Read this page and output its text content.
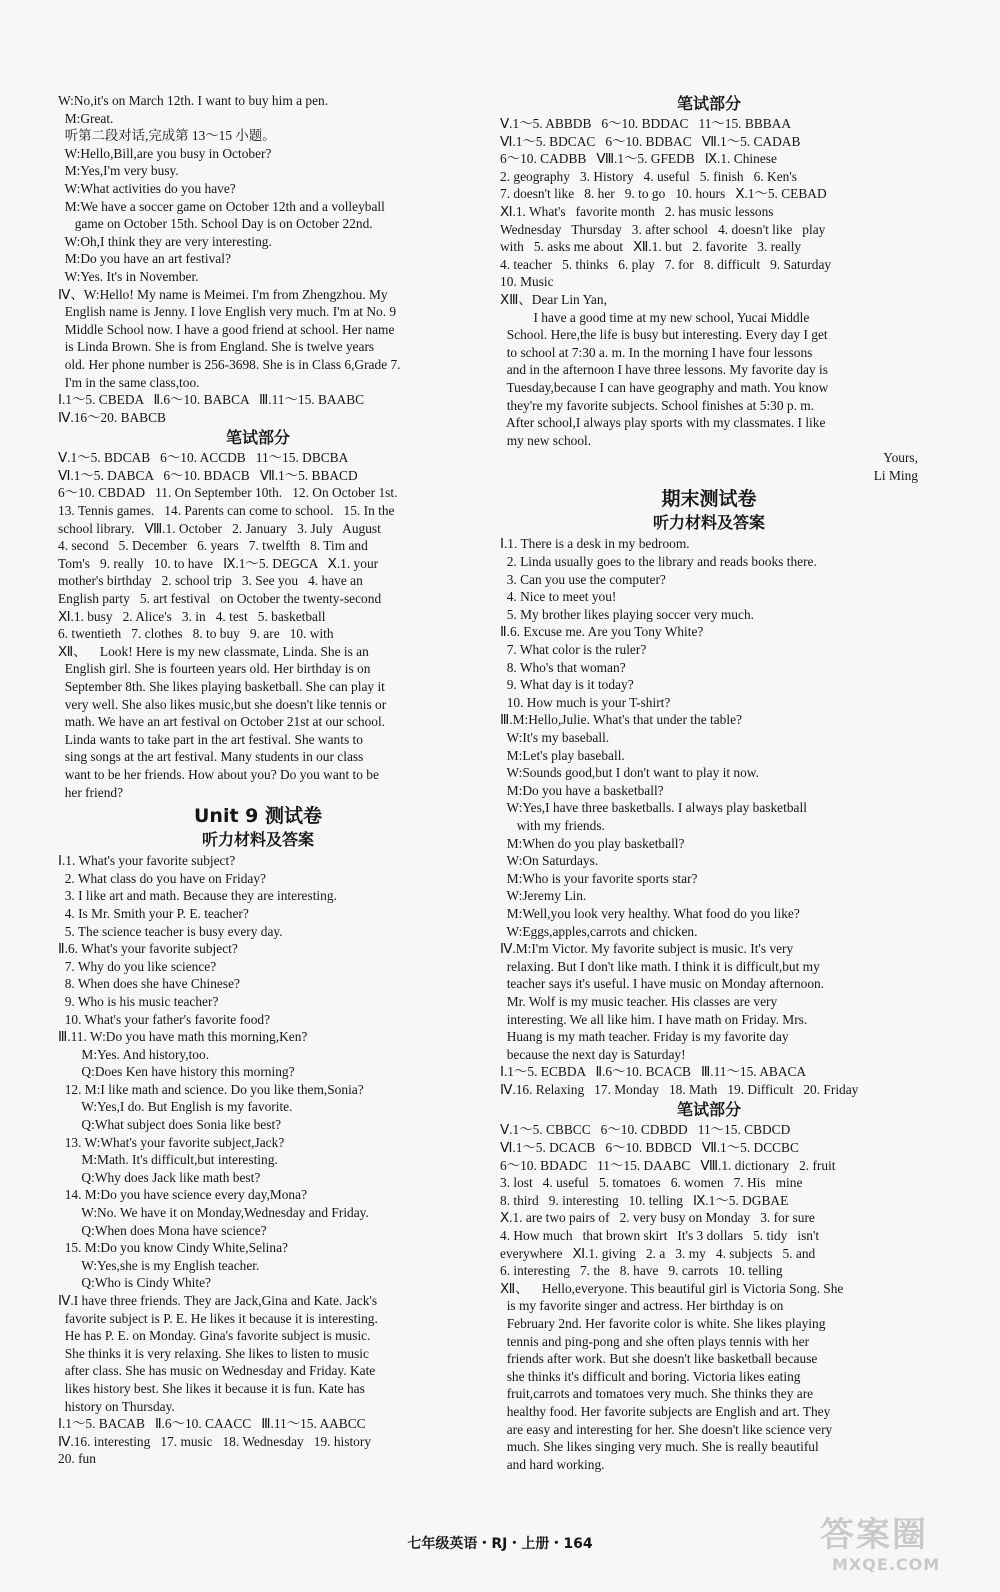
W:No,it's on March 12th. I want to buy him a pen.
M:Great.
听第二段对话,完成第 13～15 小题。
W:Hello,Bill,are you busy in October?
M:Yes,I'm very busy.
W:What activities do you have?
M:We have a soccer game on October 12th and a volleyball
game on October 15th. School Day is on October 22nd.
W:Oh,I think they are very interesting.
M:Do you have an art festival?
W:Yes. It's in November.
Ⅳ、W:Hello! My name is Meimei. I'm from Zhengzhou. My
English name is Jenny. I love English very much. I'm at No. 9
Middle School now. I have a good friend at school. Her name
is Linda Brown. She is from England. She is twelve years
old. Her phone number is 256-3698. She is in Class 6,Grade 7.
I'm in the same class,too.
Ⅰ.1～5. CBEDA   Ⅱ.6～10. BABCA   Ⅲ.11～15. BAABC
Ⅳ.16～20. BABCB
笔试部分
Ⅴ.1～5. BDCAB   6～10. ACCDB   11～15. DBCBA
Ⅵ.1～5. DABCA   6～10. BDACB   Ⅶ.1～5. BBACD
6～10. CBDAD   11. On September 10th.   12. On October 1st.
13. Tennis games.   14. Parents can come to school.   15. In the
school library.   Ⅷ.1. October   2. January   3. July   August
4. second   5. December   6. years   7. twelfth   8. Tim and
Tom's   9. really   10. to have   Ⅸ.1～5. DEGCA   Ⅹ.1. your
mother's birthday   2. school trip   3. See you   4. have an
English party   5. art festival   on October the twenty-second
Ⅺ.1. busy   2. Alice's   3. in   4. test   5. basketball
6. twentieth   7. clothes   8. to buy   9. are   10. with
Ⅻ、    Look! Here is my new classmate, Linda. She is an
English girl. She is fourteen years old. Her birthday is on
September 8th. She likes playing basketball. She can play it
very well. She also likes music,but she doesn't like tennis or
math. We have an art festival on October 21st at our school.
Linda wants to take part in the art festival. She wants to
sing songs at the art festival. Many students in our class
want to be her friends. How about you? Do you want to be
her friend?
Unit 9 测试卷
听力材料及答案
Ⅰ.1. What's your favorite subject?
2. What class do you have on Friday?
3. I like art and math. Because they are interesting.
4. Is Mr. Smith your P. E. teacher?
5. The science teacher is busy every day.
Ⅱ.6. What's your favorite subject?
7. Why do you like science?
8. When does she have Chinese?
9. Who is his music teacher?
10. What's your father's favorite food?
Ⅲ.11. W:Do you have math this morning,Ken?
M:Yes. And history,too.
Q:Does Ken have history this morning?
12. M:I like math and science. Do you like them,Sonia?
W:Yes,I do. But English is my favorite.
Q:What subject does Sonia like best?
13. W:What's your favorite subject,Jack?
M:Math. It's difficult,but interesting.
Q:Why does Jack like math best?
14. M:Do you have science every day,Mona?
W:No. We have it on Monday,Wednesday and Friday.
Q:When does Mona have science?
15. M:Do you know Cindy White,Selina?
W:Yes,she is my English teacher.
Q:Who is Cindy White?
Ⅳ.I have three friends. They are Jack,Gina and Kate. Jack's
favorite subject is P. E. He likes it because it is interesting.
He has P. E. on Monday. Gina's favorite subject is music.
She thinks it is very relaxing. She likes to listen to music
after class. She has music on Wednesday and Friday. Kate
likes history best. She likes it because it is fun. Kate has
history on Thursday.
Ⅰ.1～5. BACAB   Ⅱ.6～10. CAACC   Ⅲ.11～15. AABCC
Ⅳ.16. interesting   17. music   18. Wednesday   19. history
20. fun
笔试部分
Ⅴ.1～5. ABBDB   6～10. BDDAC   11～15. BBBAA
Ⅵ.1～5. BDCAC   6～10. BDBAC   Ⅶ.1～5. CADAB
6～10. CADBB   Ⅷ.1～5. GFEDB   Ⅸ.1. Chinese
2. geography   3. History   4. useful   5. finish   6. Ken's
7. doesn't like   8. her   9. to go   10. hours   Ⅹ.1～5. CEBAD
Ⅺ.1. What's   favorite month   2. has music lessons
Wednesday   Thursday   3. after school   4. doesn't like   play
with   5. asks me about   Ⅻ.1. but   2. favorite   3. really
4. teacher   5. thinks   6. play   7. for   8. difficult   9. Saturday
10. Music
ⅩⅢ、Dear Lin Yan,
I have a good time at my new school, Yucai Middle
School. Here,the life is busy but interesting. Every day I get
to school at 7:30 a. m. In the morning I have four lessons
and in the afternoon I have three lessons. My favorite day is
Tuesday,because I can have geography and math. You know
they're my favorite subjects. School finishes at 5:30 p. m.
After school,I always play sports with my classmates. I like
my new school.
Yours,
Li Ming
期末测试卷
听力材料及答案
Ⅰ.1. There is a desk in my bedroom.
2. Linda usually goes to the library and reads books there.
3. Can you use the computer?
4. Nice to meet you!
5. My brother likes playing soccer very much.
Ⅱ.6. Excuse me. Are you Tony White?
7. What color is the ruler?
8. Who's that woman?
9. What day is it today?
10. How much is your T-shirt?
Ⅲ.M:Hello,Julie. What's that under the table?
W:It's my baseball.
M:Let's play baseball.
W:Sounds good,but I don't want to play it now.
M:Do you have a basketball?
W:Yes,I have three basketballs. I always play basketball
with my friends.
M:When do you play basketball?
W:On Saturdays.
M:Who is your favorite sports star?
W:Jeremy Lin.
M:Well,you look very healthy. What food do you like?
W:Eggs,apples,carrots and chicken.
Ⅳ.M:I'm Victor. My favorite subject is music. It's very
relaxing. But I don't like math. I think it is difficult,but my
teacher says it's useful. I have music on Monday afternoon.
Mr. Wolf is my music teacher. His classes are very
interesting. We all like him. I have math on Friday. Mrs.
Huang is my math teacher. Friday is my favorite day
because the next day is Saturday!
Ⅰ.1～5. ECBDA   Ⅱ.6～10. BCACB   Ⅲ.11～15. ABACA
Ⅳ.16. Relaxing   17. Monday   18. Math   19. Difficult   20. Friday
笔试部分
Ⅴ.1～5. CBBCC   6～10. CDBDD   11～15. CBDCD
Ⅵ.1～5. DCACB   6～10. BDBCD   Ⅶ.1～5. DCCBC
6～10. BDADC   11～15. DAABC   Ⅷ.1. dictionary   2. fruit
3. lost   4. useful   5. tomatoes   6. women   7. His   mine
8. third   9. interesting   10. telling   Ⅸ.1～5. DGBAE
Ⅹ.1. are two pairs of   2. very busy on Monday   3. for sure
4. How much   that brown skirt   It's 3 dollars   5. tidy   isn't
everywhere   Ⅺ.1. giving   2. a   3. my   4. subjects   5. and
6. interesting   7. the   8. have   9. carrots   10. telling
Ⅻ、    Hello,everyone. This beautiful girl is Victoria Song. She
is my favorite singer and actress. Her birthday is on
February 2nd. Her favorite color is white. She likes playing
tennis and ping-pong and she often plays tennis with her
friends after work. But she doesn't like basketball because
she thinks it's difficult and boring. Victoria likes eating
fruit,carrots and tomatoes very much. She thinks they are
healthy food. Her favorite subjects are English and art. They
are easy and interesting for her. She doesn't like science very
much. She likes singing very much. She is really beautiful
and hard working.
七年级英语・RJ・上册・164	答案圈
MXQE.COM
